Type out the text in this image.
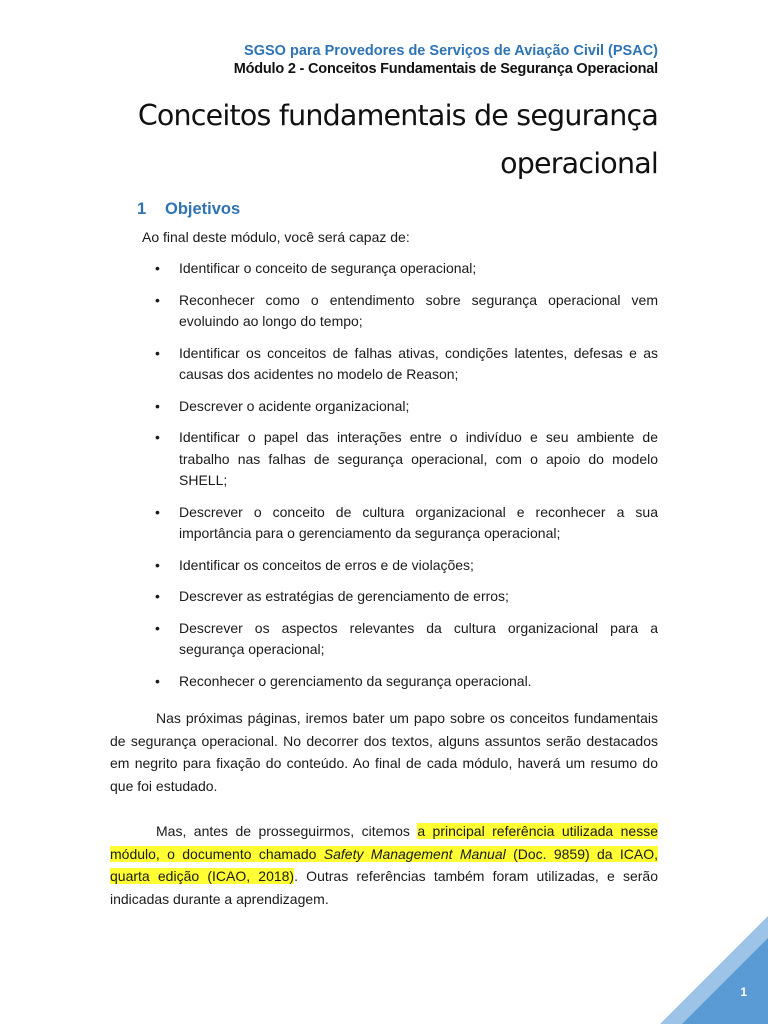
SGSO para Provedores de Serviços de Aviação Civil (PSAC)
Módulo 2 - Conceitos Fundamentais de Segurança Operacional
Conceitos fundamentais de segurança
operacional
1 Objetivos

Ao final deste módulo, você será capaz de:

• Identificar o conceito de segurança operacional;
• Reconhecer como o entendimento sobre segurança operacional vem evoluindo ao longo do tempo;
• Identificar os conceitos de falhas ativas, condições latentes, defesas e as causas dos acidentes no modelo de Reason;
• Descrever o acidente organizacional;
• Identificar o papel das interações entre o indivíduo e seu ambiente de trabalho nas falhas de segurança operacional, com o apoio do modelo SHELL;
• Descrever o conceito de cultura organizacional e reconhecer a sua importância para o gerenciamento da segurança operacional;
• Identificar os conceitos de erros e de violações;
• Descrever as estratégias de gerenciamento de erros;
• Descrever os aspectos relevantes da cultura organizacional para a segurança operacional;
• Reconhecer o gerenciamento da segurança operacional.

Nas próximas páginas, iremos bater um papo sobre os conceitos fundamentais de segurança operacional. No decorrer dos textos, alguns assuntos serão destacados em negrito para fixação do conteúdo. Ao final de cada módulo, haverá um resumo do que foi estudado.

Mas, antes de prosseguirmos, citemos a principal referência utilizada nesse módulo, o documento chamado Safety Management Manual (Doc. 9859) da ICAO, quarta edição (ICAO, 2018). Outras referências também foram utilizadas, e serão indicadas durante a aprendizagem.

1
